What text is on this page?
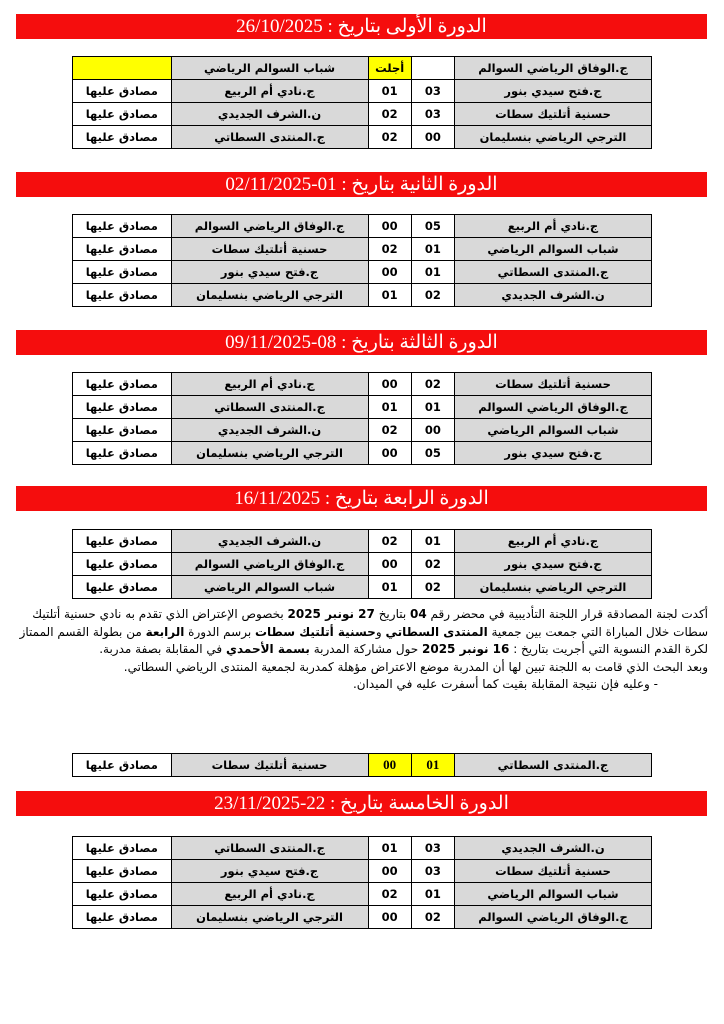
الدورة الأولى بتاريخ : 26/10/2025
ج.الوفاق الرياضي السوالم		أجلت	شباب السوالم الرياضي	
ج.فتح سيدي بنور	03	01	ج.نادي أم الربيع	مصادق عليها
حسنية أتلتيك سطات	03	02	ن.الشرف الجديدي	مصادق عليها
الترجي الرياضي بنسليمان	00	02	ج.المنتدى السطاتي	مصادق عليها
الدورة الثانية بتاريخ : 01-02/11/2025
ج.نادي أم الربيع	05	00	ج.الوفاق الرياضي السوالم	مصادق عليها
شباب السوالم الرياضي	01	02	حسنية أتلتيك سطات	مصادق عليها
ج.المنتدى السطاتي	01	00	ج.فتح سيدي بنور	مصادق عليها
ن.الشرف الجديدي	02	01	الترجي الرياضي بنسليمان	مصادق عليها
الدورة الثالثة بتاريخ : 08-09/11/2025
حسنية أتلتيك سطات	02	00	ج.نادي أم الربيع	مصادق عليها
ج.الوفاق الرياضي السوالم	01	01	ج.المنتدى السطاتي	مصادق عليها
شباب السوالم الرياضي	00	02	ن.الشرف الجديدي	مصادق عليها
ج.فتح سيدي بنور	05	00	الترجي الرياضي بنسليمان	مصادق عليها
الدورة الرابعة بتاريخ : 16/11/2025
ج.نادي أم الربيع	01	02	ن.الشرف الجديدي	مصادق عليها
ج.فتح سيدي بنور	02	00	ج.الوفاق الرياضي السوالم	مصادق عليها
الترجي الرياضي بنسليمان	02	01	شباب السوالم الرياضي	مصادق عليها

أكدت لجنة المصادقة قرار اللجنة التأديبية في محضر رقم 04 بتاريخ 27 نونبر 2025 بخصوص الإعتراض الذي تقدم به نادي حسنية أتلتيك سطات خلال المباراة التي جمعت بين جمعية المنتدى السطاتي وحسنية أتلتيك سطات برسم الدورة الرابعة من بطولة القسم الممتاز لكرة القدم النسوية التي أجريت بتاريخ : 16 نونبر 2025 حول مشاركة المدربة بسمة الأحمدي في المقابلة بصفة مدربة.

وبعد البحث الذي قامت به اللجنة تبين لها أن المدربة موضع الاعتراض مؤهلة كمدربة لجمعية المنتدى الرياضي السطاتي.

- وعليه فإن نتيجة المقابلة بقيت كما أسفرت عليه في الميدان.

ج.المنتدى السطاتي	01	00	حسنية أتلتيك سطات	مصادق عليها
الدورة الخامسة بتاريخ : 22-23/11/2025
ن.الشرف الجديدي	03	01	ج.المنتدى السطاتي	مصادق عليها
حسنية أتلتيك سطات	03	00	ج.فتح سيدي بنور	مصادق عليها
شباب السوالم الرياضي	01	02	ج.نادي أم الربيع	مصادق عليها
ج.الوفاق الرياضي السوالم	02	00	الترجي الرياضي بنسليمان	مصادق عليها
